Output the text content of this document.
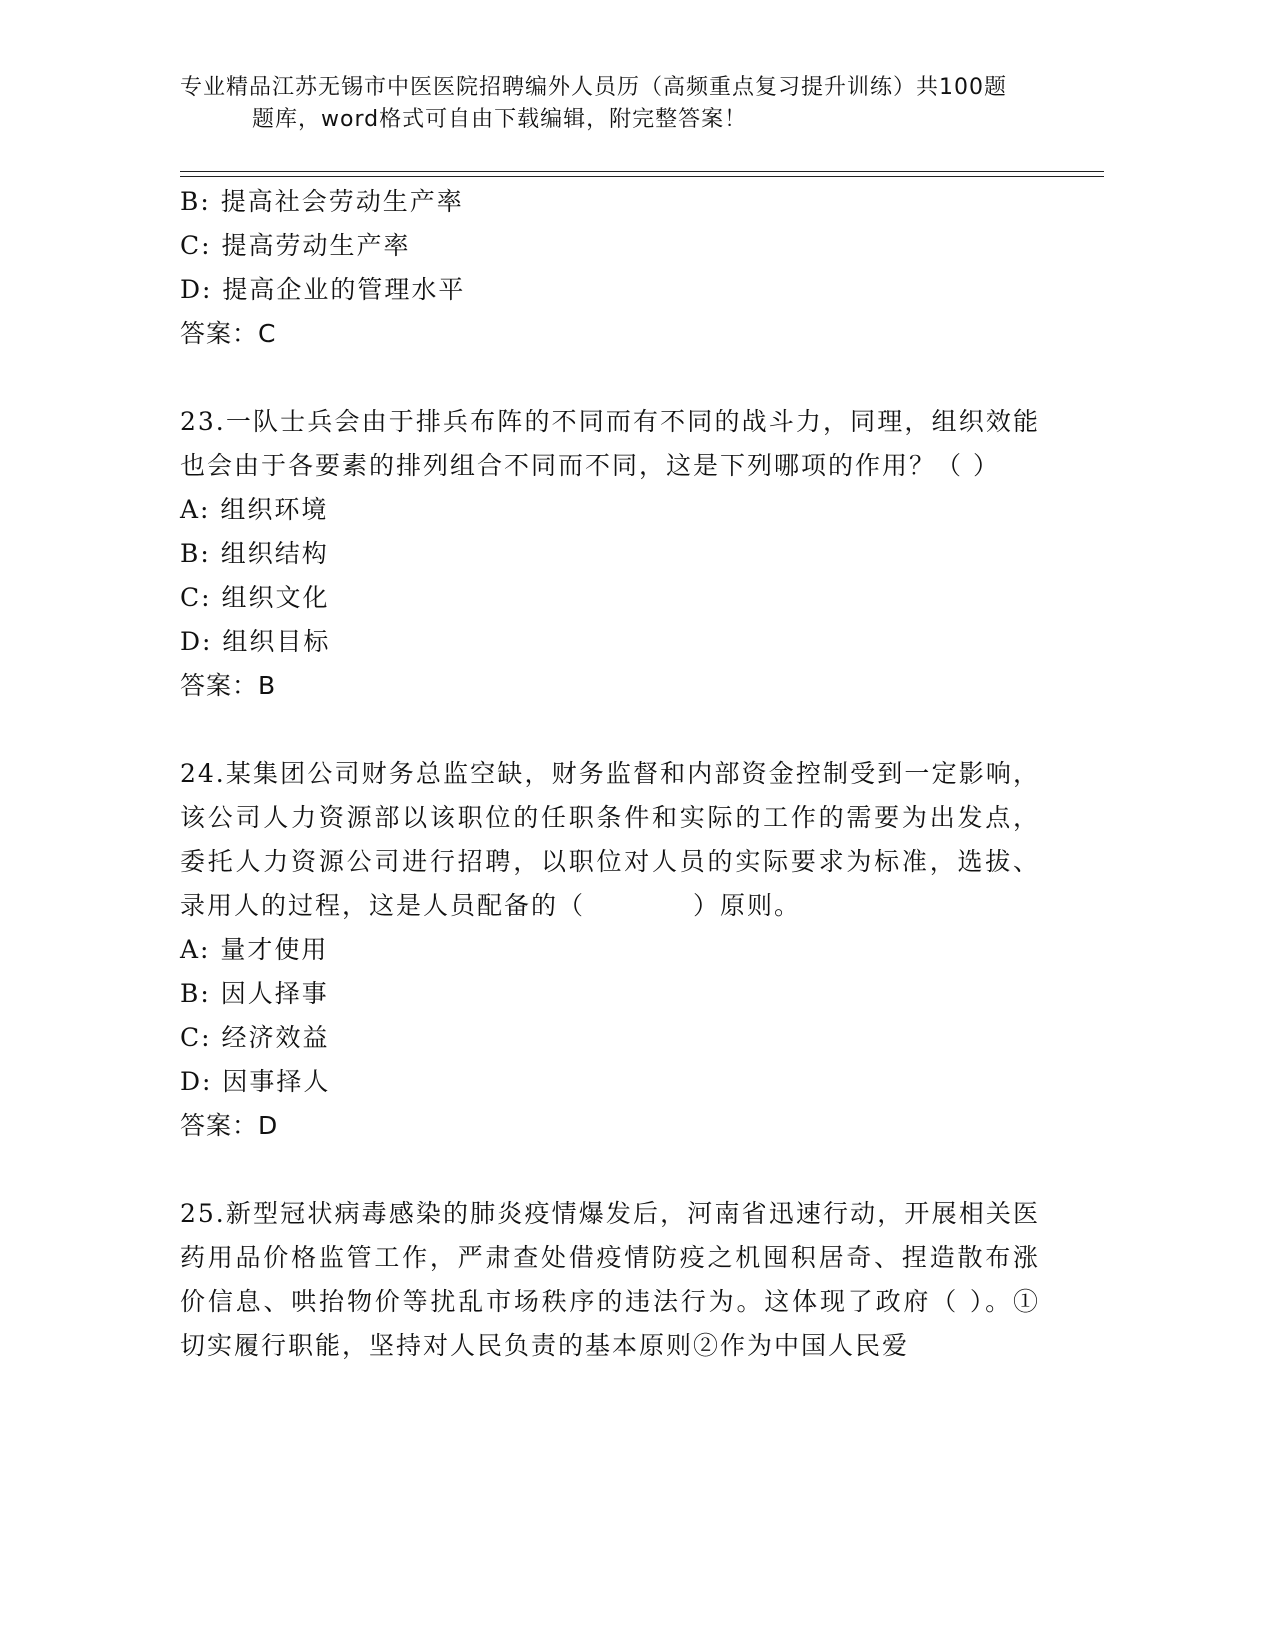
专业精品江苏无锡市中医医院招聘编外人员历（高频重点复习提升训练）共100题
题库，word格式可自由下载编辑，附完整答案！
B: 提高社会劳动生产率
C: 提高劳动生产率
D: 提高企业的管理水平
答案：C
23.一队士兵会由于排兵布阵的不同而有不同的战斗力，同理，组织效能也会由于各要素的排列组合不同而不同，这是下列哪项的作用？（ ）
A: 组织环境
B: 组织结构
C: 组织文化
D: 组织目标
答案：B
24.某集团公司财务总监空缺，财务监督和内部资金控制受到一定影响，该公司人力资源部以该职位的任职条件和实际的工作的需要为出发点，委托人力资源公司进行招聘，以职位对人员的实际要求为标准，选拔、录用人的过程，这是人员配备的（　　　　）原则。
A: 量才使用
B: 因人择事
C: 经济效益
D: 因事择人
答案：D
25.新型冠状病毒感染的肺炎疫情爆发后，河南省迅速行动，开展相关医药用品价格监管工作，严肃查处借疫情防疫之机囤积居奇、捏造散布涨价信息、哄抬物价等扰乱市场秩序的违法行为。这体现了政府（ ）。①切实履行职能，坚持对人民负责的基本原则②作为中国人民爱
